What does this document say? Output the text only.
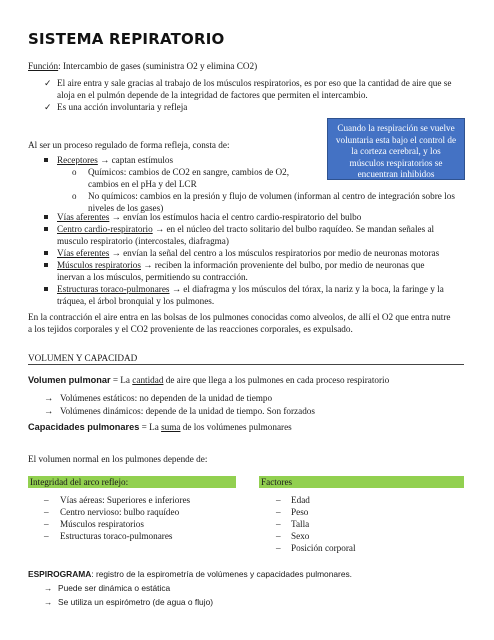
SISTEMA REPIRATORIO
Función: Intercambio de gases (suministra O2 y elimina CO2)
✓ El aire entra y sale gracias al trabajo de los músculos respiratorios, es por eso que la cantidad de aire que se
aloja en el pulmón depende de la integridad de factores que permiten el intercambio.
✓ Es una acción involuntaria y refleja
Cuando la respiración se vuelve voluntaria esta bajo el control de la corteza cerebral, y los músculos respiratorios se encuentran inhibidos
Al ser un proceso regulado de forma refleja, consta de:
Receptores → captan estímulos
o Químicos: cambios de CO2 en sangre, cambios de O2,
cambios en el pHa y del LCR
o No químicos: cambios en la presión y flujo de volumen (informan al centro de integración sobre los
niveles de los gases)
Vías aferentes → envían los estímulos hacia el centro cardio-respiratorio del bulbo
Centro cardio-respiratorio → en el núcleo del tracto solitario del bulbo raquídeo. Se mandan señales al
musculo respiratorio (intercostales, diafragma)
Vías eferentes → envían la señal del centro a los músculos respiratorios por medio de neuronas motoras
Músculos respiratorios → reciben la información proveniente del bulbo, por medio de neuronas que
inervan a los músculos, permitiendo su contracción.
Estructuras toraco-pulmonares → el diafragma y los músculos del tórax, la nariz y la boca, la faringe y la
tráquea, el árbol bronquial y los pulmones.
En la contracción el aire entra en las bolsas de los pulmones conocidas como alveolos, de allí el O2 que entra nutre
a los tejidos corporales y el CO2 proveniente de las reacciones corporales, es expulsado.
VOLUMEN Y CAPACIDAD
Volumen pulmonar = La cantidad de aire que llega a los pulmones en cada proceso respiratorio
→ Volúmenes estáticos: no dependen de la unidad de tiempo
→ Volúmenes dinámicos: depende de la unidad de tiempo. Son forzados
Capacidades pulmonares = La suma de los volúmenes pulmonares
El volumen normal en los pulmones depende de:
Integridad del arco reflejo:	Factores
– Vías aéreas: Superiores e inferiores
– Centro nervioso: bulbo raquídeo
– Músculos respiratorios
– Estructuras toraco-pulmonares
– Edad
– Peso
– Talla
– Sexo
– Posición corporal
ESPIROGRAMA: registro de la espirometría de volúmenes y capacidades pulmonares.
→ Puede ser dinámica o estática
→ Se utiliza un espirómetro (de agua o flujo)
